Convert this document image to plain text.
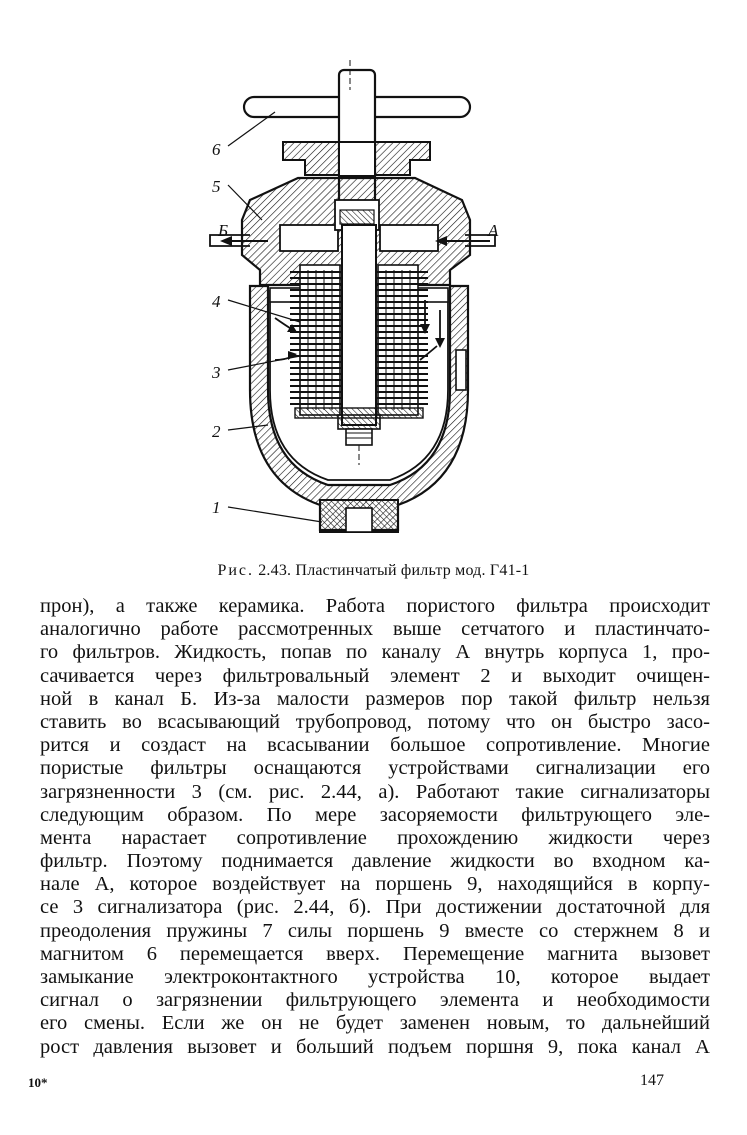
6
5
4
3
2
1
Б	А
Рис. 2.43. Пластинчатый фильтр мод. Г41-1
прон), а также керамика. Работа пористого фильтра происходит
аналогично работе рассмотренных выше сетчатого и пластинчато-
го фильтров. Жидкость, попав по каналу А внутрь корпуса 1, про-
сачивается через фильтровальный элемент 2 и выходит очищен-
ной в канал Б. Из-за малости размеров пор такой фильтр нельзя
ставить во всасывающий трубопровод, потому что он быстро засо-
рится и создаст на всасывании большое сопротивление. Многие
пористые фильтры оснащаются устройствами сигнализации его
загрязненности 3 (см. рис. 2.44, а). Работают такие сигнализаторы
следующим образом. По мере засоряемости фильтрующего эле-
мента нарастает сопротивление прохождению жидкости через
фильтр. Поэтому поднимается давление жидкости во входном ка-
нале А, которое воздействует на поршень 9, находящийся в корпу-
се 3 сигнализатора (рис. 2.44, б). При достижении достаточной для
преодоления пружины 7 силы поршень 9 вместе со стержнем 8 и
магнитом 6 перемещается вверх. Перемещение магнита вызовет
замыкание электроконтактного устройства 10, которое выдает
сигнал о загрязнении фильтрующего элемента и необходимости
его смены. Если же он не будет заменен новым, то дальнейший
рост давления вызовет и больший подъем поршня 9, пока канал А
10*	147
